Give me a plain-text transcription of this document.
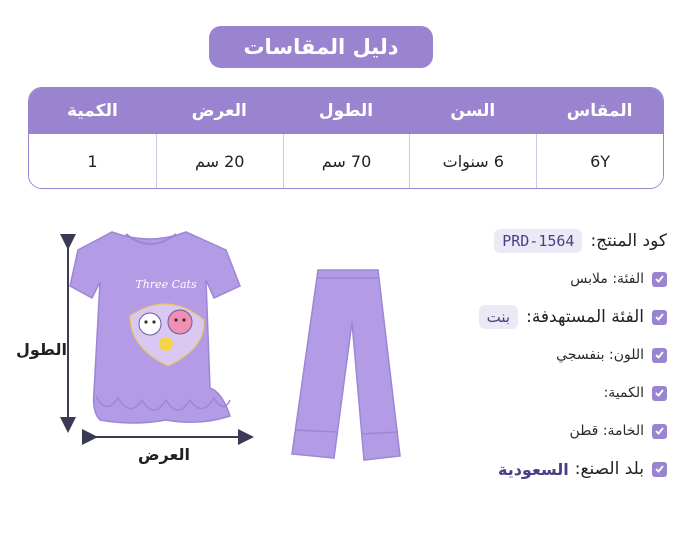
دليل المقاسات
المقاس
السن
الطول
العرض
الكمية
6Y
6 سنوات
70 سم
20 سم
1
Three Cats
الطول
العرض
كود المنتج:
PRD-1564
الفئة: ملابس
الفئة المستهدفة:
بنت
اللون: بنفسجي
الكمية:
الخامة: قطن
بلد الصنع:
السعودية
